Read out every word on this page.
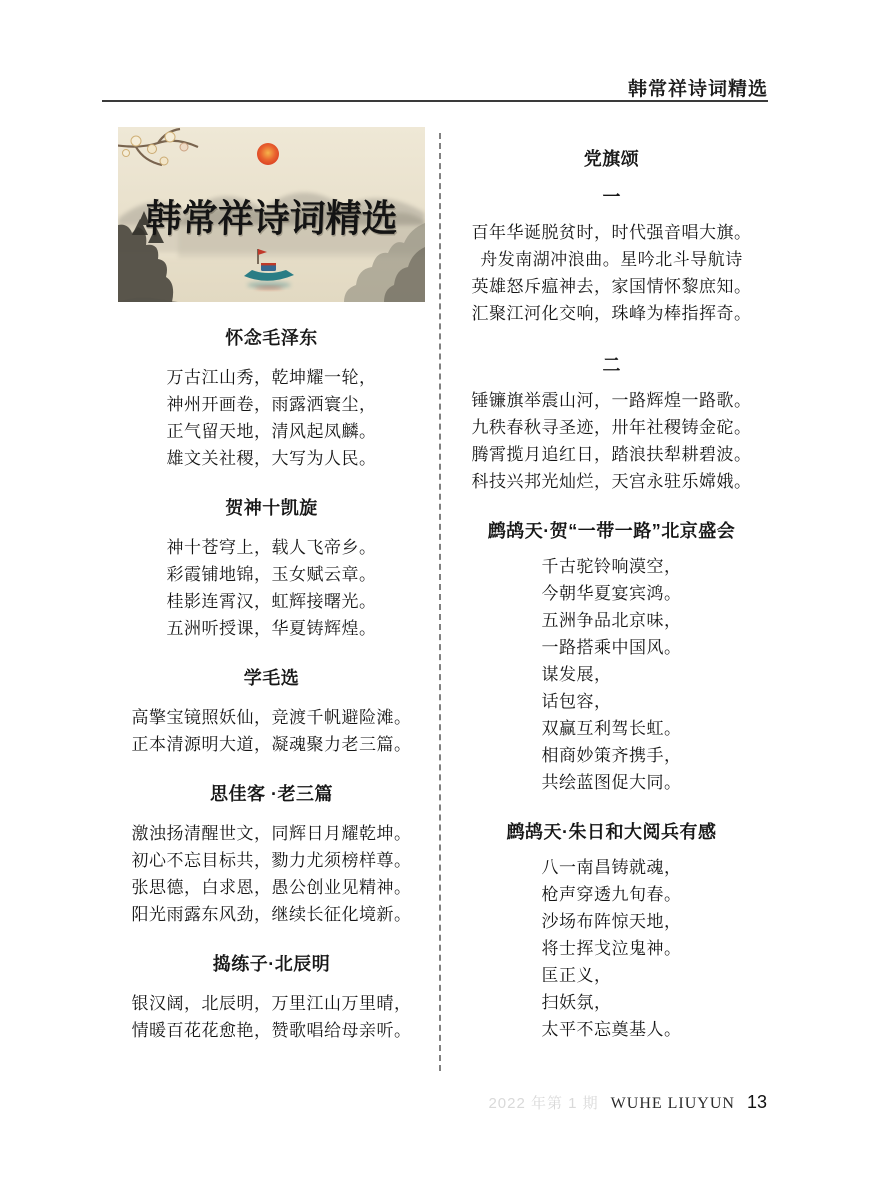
韩常祥诗词精选
韩常祥诗词精选
怀念毛泽东
万古江山秀，乾坤耀一轮，
神州开画卷，雨露洒寰尘，
正气留天地，清风起凤麟。
雄文关社稷，大写为人民。
贺神十凯旋
神十苍穹上，载人飞帝乡。
彩霞铺地锦，玉女赋云章。
桂影连霄汉，虹辉接曙光。
五洲听授课，华夏铸辉煌。
学毛选
高擎宝镜照妖仙，竞渡千帆避险滩。
正本清源明大道，凝魂聚力老三篇。
思佳客 ·老三篇
激浊扬清醒世文，同辉日月耀乾坤。
初心不忘目标共，勠力尤须榜样尊。
张思德，白求恩，愚公创业见精神。
阳光雨露东风劲，继续长征化境新。
捣练子·北辰明
银汉阔，北辰明，万里江山万里晴，
情暖百花花愈艳，赞歌唱给母亲听。
党旗颂
一
百年华诞脱贫时，时代强音唱大旗。
舟发南湖冲浪曲。星吟北斗导航诗
英雄怒斥瘟神去，家国情怀黎庶知。
汇聚江河化交响，珠峰为棒指挥奇。
二
锤镰旗举震山河，一路辉煌一路歌。
九秩春秋寻圣迹，卅年社稷铸金砣。
腾霄揽月追红日，踏浪扶犁耕碧波。
科技兴邦光灿烂，天宫永驻乐嫦娥。
鹧鸪天·贺“一带一路”北京盛会
千古驼铃响漠空，
今朝华夏宴宾鸿。
五洲争品北京味，
一路搭乘中国风。
谋发展，
话包容，
双赢互利驾长虹。
相商妙策齐携手，
共绘蓝图促大同。
鹧鸪天·朱日和大阅兵有感
八一南昌铸就魂，
枪声穿透九旬春。
沙场布阵惊天地，
将士挥戈泣鬼神。
匡正义，
扫妖氛，
太平不忘奠基人。
2022 年第 1 期 WUHE LIUYUN 13
